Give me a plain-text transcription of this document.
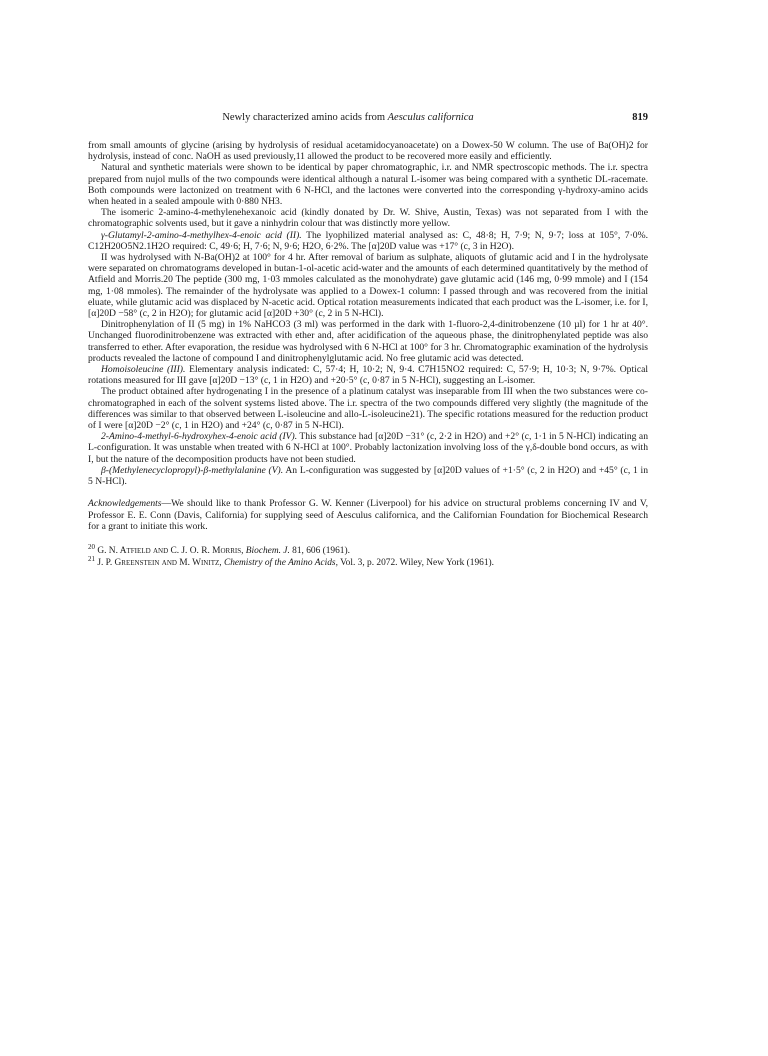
Newly characterized amino acids from Aesculus californica	819

from small amounts of glycine (arising by hydrolysis of residual acetamidocyanoacetate) on a Dowex-50 W column. The use of Ba(OH)2 for hydrolysis, instead of conc. NaOH as used previously,11 allowed the product to be recovered more easily and efficiently.

Natural and synthetic materials were shown to be identical by paper chromatographic, i.r. and NMR spectroscopic methods. The i.r. spectra prepared from nujol mulls of the two compounds were identical although a natural L-isomer was being compared with a synthetic DL-racemate. Both compounds were lactonized on treatment with 6 N-HCl, and the lactones were converted into the corresponding γ-hydroxy-amino acids when heated in a sealed ampoule with 0·880 NH3.

The isomeric 2-amino-4-methylenehexanoic acid (kindly donated by Dr. W. Shive, Austin, Texas) was not separated from I with the chromatographic solvents used, but it gave a ninhydrin colour that was distinctly more yellow.

γ-Glutamyl-2-amino-4-methylhex-4-enoic acid (II). The lyophilized material analysed as: C, 48·8; H, 7·9; N, 9·7; loss at 105°, 7·0%. C12H20O5N2.1H2O required: C, 49·6; H, 7·6; N, 9·6; H2O, 6·2%. The [α]20D value was +17° (c, 3 in H2O).

II was hydrolysed with N-Ba(OH)2 at 100° for 4 hr. After removal of barium as sulphate, aliquots of glutamic acid and I in the hydrolysate were separated on chromatograms developed in butan-1-ol-acetic acid-water and the amounts of each determined quantitatively by the method of Atfield and Morris.20 The peptide (300 mg, 1·03 mmoles calculated as the monohydrate) gave glutamic acid (146 mg, 0·99 mmole) and I (154 mg, 1·08 mmoles). The remainder of the hydrolysate was applied to a Dowex-1 column: I passed through and was recovered from the initial eluate, while glutamic acid was displaced by N-acetic acid. Optical rotation measurements indicated that each product was the L-isomer, i.e. for I, [α]20D −58° (c, 2 in H2O); for glutamic acid [α]20D +30° (c, 2 in 5 N-HCl).

Dinitrophenylation of II (5 mg) in 1% NaHCO3 (3 ml) was performed in the dark with 1-fluoro-2,4-dinitrobenzene (10 µl) for 1 hr at 40°. Unchanged fluorodinitrobenzene was extracted with ether and, after acidification of the aqueous phase, the dinitrophenylated peptide was also transferred to ether. After evaporation, the residue was hydrolysed with 6 N-HCl at 100° for 3 hr. Chromatographic examination of the hydrolysis products revealed the lactone of compound I and dinitrophenylglutamic acid. No free glutamic acid was detected.

Homoisoleucine (III). Elementary analysis indicated: C, 57·4; H, 10·2; N, 9·4. C7H15NO2 required: C, 57·9; H, 10·3; N, 9·7%. Optical rotations measured for III gave [α]20D −13° (c, 1 in H2O) and +20·5° (c, 0·87 in 5 N-HCl), suggesting an L-isomer.

The product obtained after hydrogenating I in the presence of a platinum catalyst was inseparable from III when the two substances were co-chromatographed in each of the solvent systems listed above. The i.r. spectra of the two compounds differed very slightly (the magnitude of the differences was similar to that observed between L-isoleucine and allo-L-isoleucine21). The specific rotations measured for the reduction product of I were [α]20D −2° (c, 1 in H2O) and +24° (c, 0·87 in 5 N-HCl).

2-Amino-4-methyl-6-hydroxyhex-4-enoic acid (IV). This substance had [α]20D −31° (c, 2·2 in H2O) and +2° (c, 1·1 in 5 N-HCl) indicating an L-configuration. It was unstable when treated with 6 N-HCl at 100°. Probably lactonization involving loss of the γ,δ-double bond occurs, as with I, but the nature of the decomposition products have not been studied.

β-(Methylenecyclopropyl)-β-methylalanine (V). An L-configuration was suggested by [α]20D values of +1·5° (c, 2 in H2O) and +45° (c, 1 in 5 N-HCl).

Acknowledgements—We should like to thank Professor G. W. Kenner (Liverpool) for his advice on structural problems concerning IV and V, Professor E. E. Conn (Davis, California) for supplying seed of Aesculus californica, and the Californian Foundation for Biochemical Research for a grant to initiate this work.

$^{20}$ G. N. Atfield and C. J. O. R. Morris, Biochem. J. 81, 606 (1961).

$^{21}$ J. P. Greenstein and M. Winitz, Chemistry of the Amino Acids, Vol. 3, p. 2072. Wiley, New York (1961).
